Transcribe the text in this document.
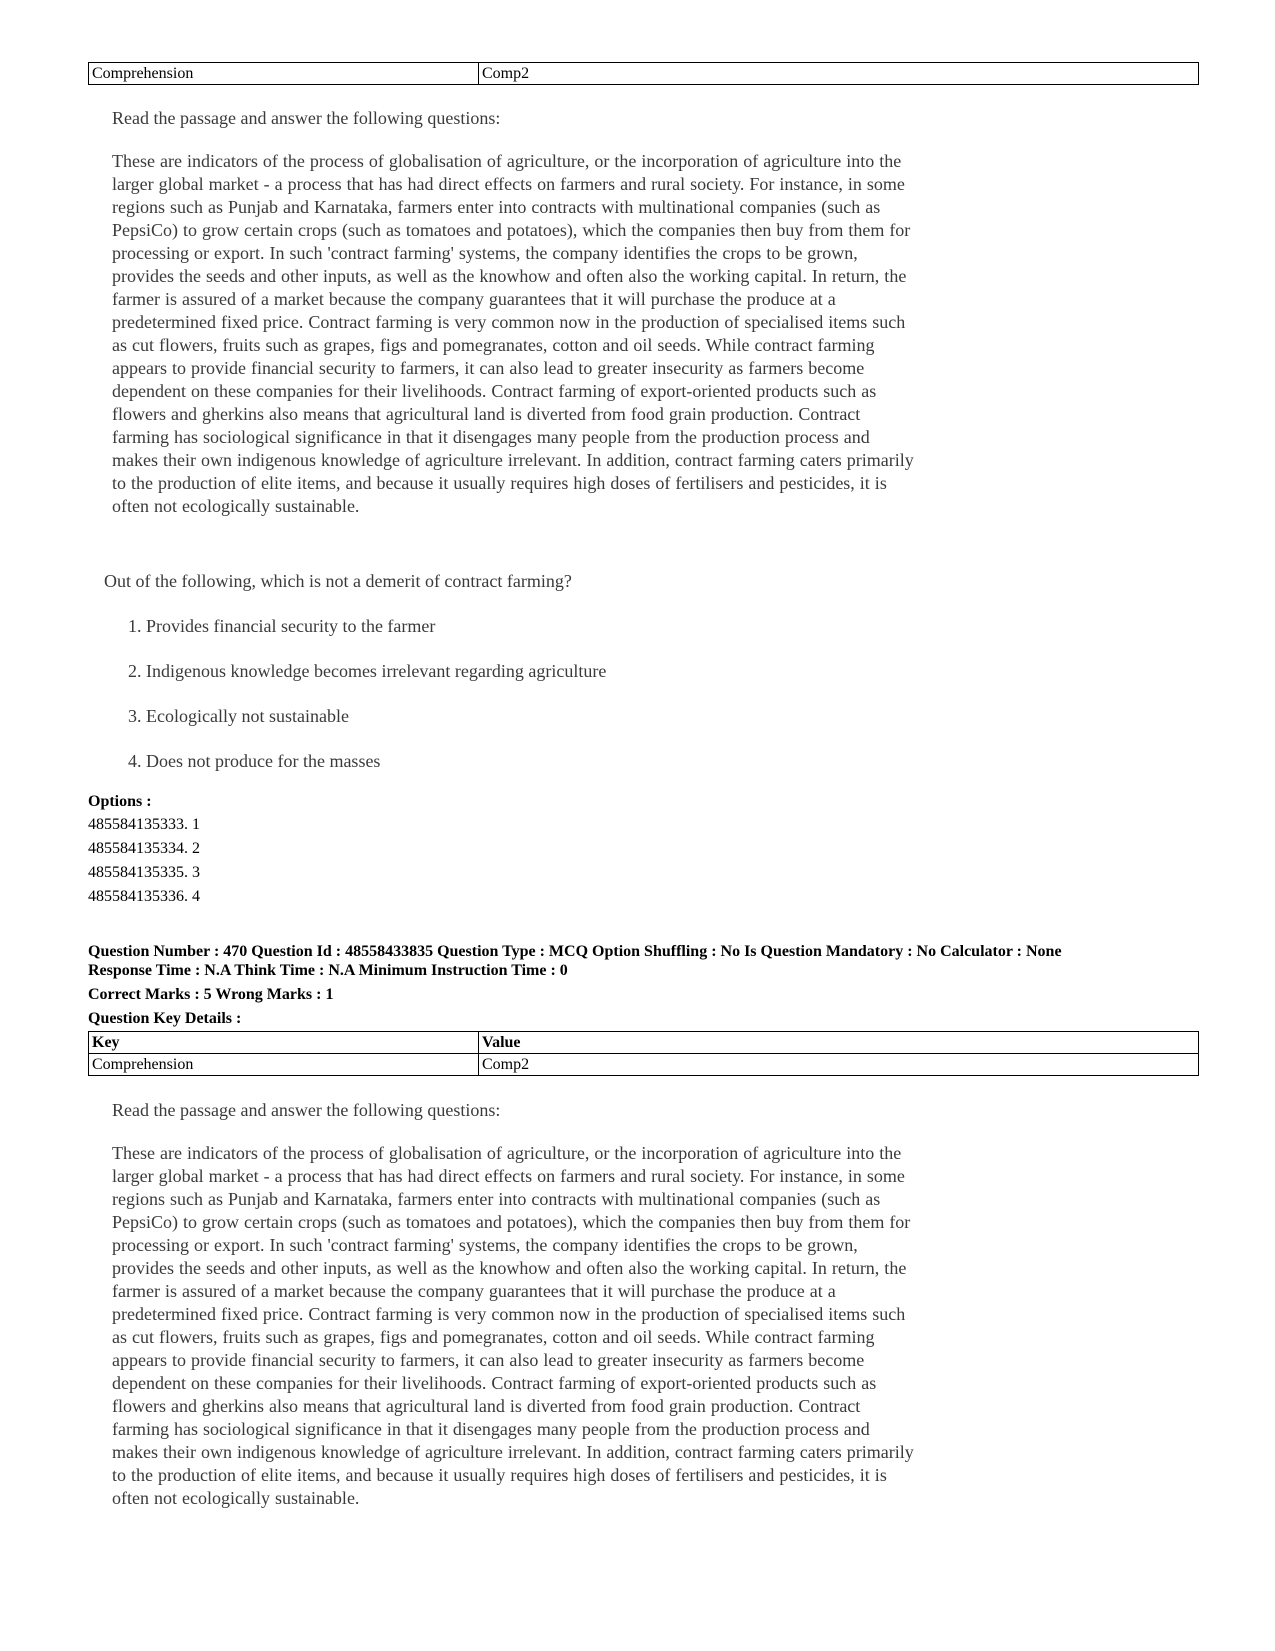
Comprehension	Comp2
Read the passage and answer the following questions:

These are indicators of the process of globalisation of agriculture, or the incorporation of agriculture into the
larger global market - a process that has had direct effects on farmers and rural society. For instance, in some
regions such as Punjab and Karnataka, farmers enter into contracts with multinational companies (such as
PepsiCo) to grow certain crops (such as tomatoes and potatoes), which the companies then buy from them for
processing or export. In such 'contract farming' systems, the company identifies the crops to be grown,
provides the seeds and other inputs, as well as the knowhow and often also the working capital. In return, the
farmer is assured of a market because the company guarantees that it will purchase the produce at a
predetermined fixed price. Contract farming is very common now in the production of specialised items such
as cut flowers, fruits such as grapes, figs and pomegranates, cotton and oil seeds. While contract farming
appears to provide financial security to farmers, it can also lead to greater insecurity as farmers become
dependent on these companies for their livelihoods. Contract farming of export-oriented products such as
flowers and gherkins also means that agricultural land is diverted from food grain production. Contract
farming has sociological significance in that it disengages many people from the production process and
makes their own indigenous knowledge of agriculture irrelevant. In addition, contract farming caters primarily
to the production of elite items, and because it usually requires high doses of fertilisers and pesticides, it is
often not ecologically sustainable.

Out of the following, which is not a demerit of contract farming?
1. Provides financial security to the farmer
2. Indigenous knowledge becomes irrelevant regarding agriculture
3. Ecologically not sustainable
4. Does not produce for the masses
Options :
485584135333. 1
485584135334. 2
485584135335. 3
485584135336. 4
Question Number : 470 Question Id : 48558433835 Question Type : MCQ Option Shuffling : No Is Question Mandatory : No Calculator : None
Response Time : N.A Think Time : N.A Minimum Instruction Time : 0
Correct Marks : 5 Wrong Marks : 1
Question Key Details :
Key	Value
Comprehension	Comp2
Read the passage and answer the following questions:

These are indicators of the process of globalisation of agriculture, or the incorporation of agriculture into the
larger global market - a process that has had direct effects on farmers and rural society. For instance, in some
regions such as Punjab and Karnataka, farmers enter into contracts with multinational companies (such as
PepsiCo) to grow certain crops (such as tomatoes and potatoes), which the companies then buy from them for
processing or export. In such 'contract farming' systems, the company identifies the crops to be grown,
provides the seeds and other inputs, as well as the knowhow and often also the working capital. In return, the
farmer is assured of a market because the company guarantees that it will purchase the produce at a
predetermined fixed price. Contract farming is very common now in the production of specialised items such
as cut flowers, fruits such as grapes, figs and pomegranates, cotton and oil seeds. While contract farming
appears to provide financial security to farmers, it can also lead to greater insecurity as farmers become
dependent on these companies for their livelihoods. Contract farming of export-oriented products such as
flowers and gherkins also means that agricultural land is diverted from food grain production. Contract
farming has sociological significance in that it disengages many people from the production process and
makes their own indigenous knowledge of agriculture irrelevant. In addition, contract farming caters primarily
to the production of elite items, and because it usually requires high doses of fertilisers and pesticides, it is
often not ecologically sustainable.
